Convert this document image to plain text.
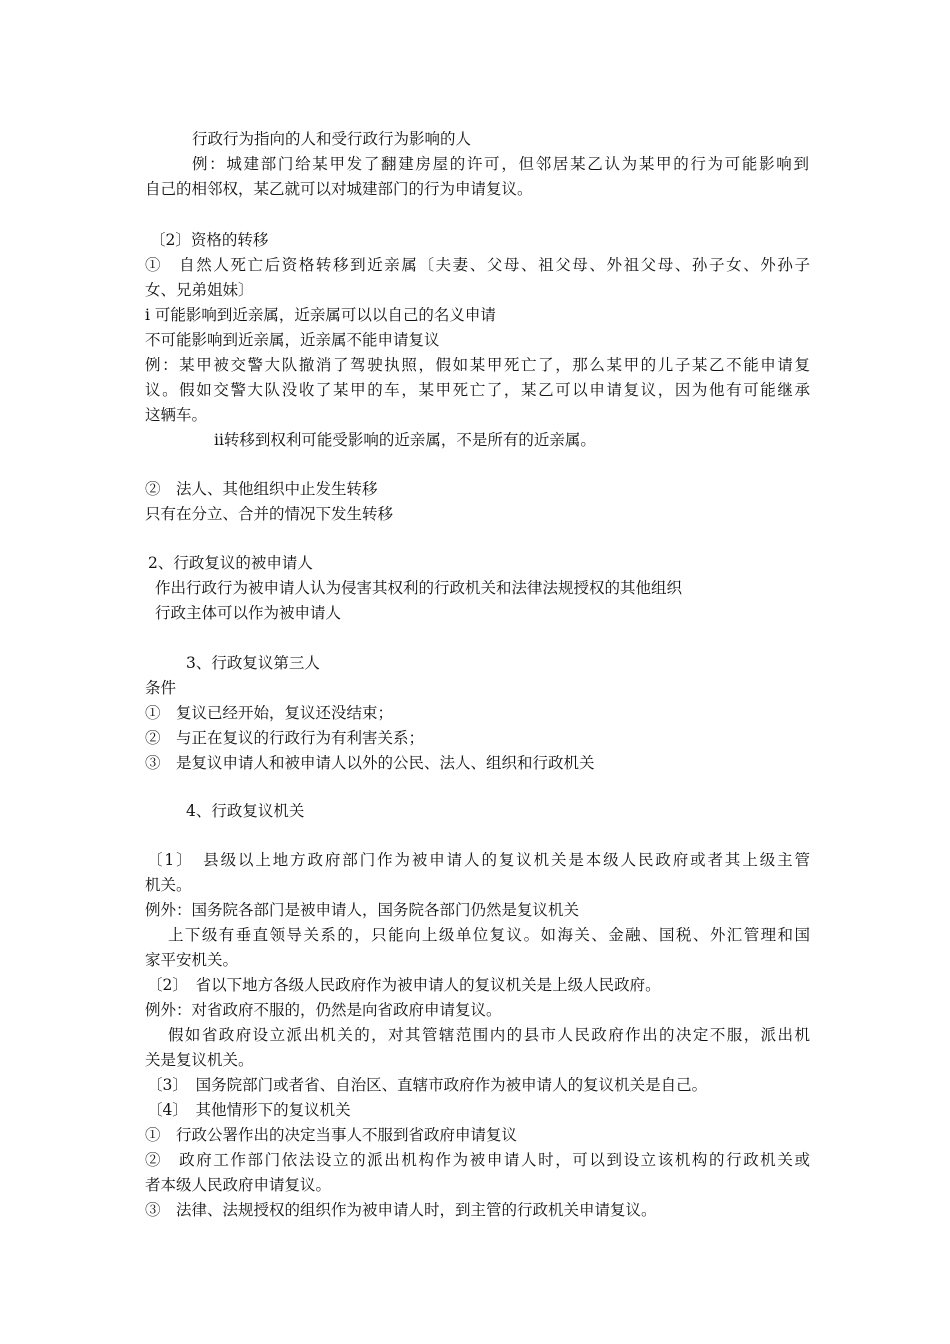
行政行为指向的人和受行政行为影响的人
例：城建部门给某甲发了翻建房屋的许可，但邻居某乙认为某甲的行为可能影响到
自己的相邻权，某乙就可以对城建部门的行为申请复议。
〔2〕资格的转移
①　自然人死亡后资格转移到近亲属〔夫妻、父母、祖父母、外祖父母、孙子女、外孙子
女、兄弟姐妹〕
i 可能影响到近亲属，近亲属可以以自己的名义申请
不可能影响到近亲属，近亲属不能申请复议
例：某甲被交警大队撤消了驾驶执照，假如某甲死亡了，那么某甲的儿子某乙不能申请复
议。假如交警大队没收了某甲的车，某甲死亡了，某乙可以申请复议，因为他有可能继承
这辆车。
ⅱ转移到权利可能受影响的近亲属，不是所有的近亲属。
②　法人、其他组织中止发生转移
只有在分立、合并的情况下发生转移
2、行政复议的被申请人
作出行政行为被申请人认为侵害其权利的行政机关和法律法规授权的其他组织
行政主体可以作为被申请人
3、行政复议第三人
条件
①　复议已经开始，复议还没结束；
②　与正在复议的行政行为有利害关系；
③　是复议申请人和被申请人以外的公民、法人、组织和行政机关
4、行政复议机关
〔1〕　县级以上地方政府部门作为被申请人的复议机关是本级人民政府或者其上级主管
机关。
例外：国务院各部门是被申请人，国务院各部门仍然是复议机关
上下级有垂直领导关系的，只能向上级单位复议。如海关、金融、国税、外汇管理和国
家平安机关。
〔2〕　省以下地方各级人民政府作为被申请人的复议机关是上级人民政府。
例外：对省政府不服的，仍然是向省政府申请复议。
假如省政府设立派出机关的，对其管辖范围内的县市人民政府作出的决定不服，派出机
关是复议机关。
〔3〕　国务院部门或者省、自治区、直辖市政府作为被申请人的复议机关是自己。
〔4〕　其他情形下的复议机关
①　行政公署作出的决定当事人不服到省政府申请复议
②　政府工作部门依法设立的派出机构作为被申请人时，可以到设立该机构的行政机关或
者本级人民政府申请复议。
③　法律、法规授权的组织作为被申请人时，到主管的行政机关申请复议。
